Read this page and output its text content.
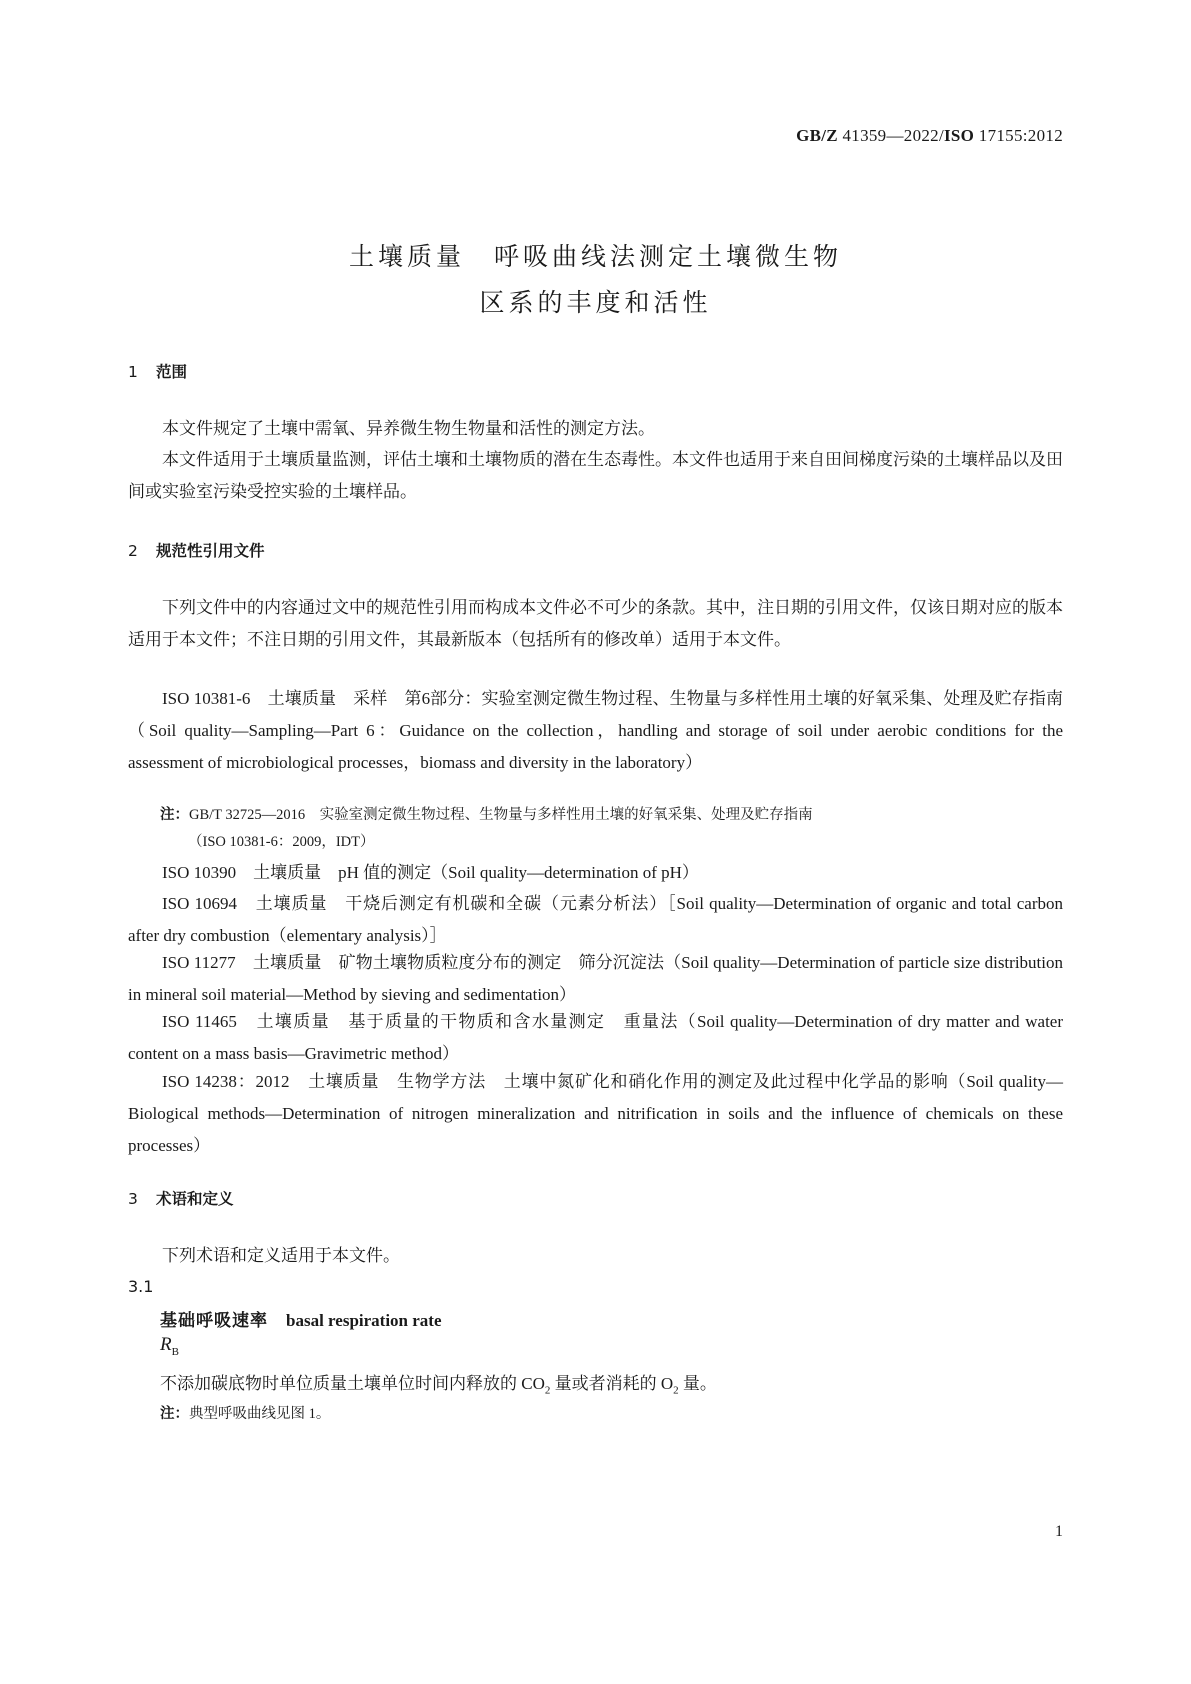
GB/Z 41359—2022/ISO 17155:2012
土壤质量　呼吸曲线法测定土壤微生物
区系的丰度和活性
1 范围
本文件规定了土壤中需氧、异养微生物生物量和活性的测定方法。
本文件适用于土壤质量监测，评估土壤和土壤物质的潜在生态毒性。本文件也适用于来自田间梯度污染的土壤样品以及田间或实验室污染受控实验的土壤样品。
2 规范性引用文件
下列文件中的内容通过文中的规范性引用而构成本文件必不可少的条款。其中，注日期的引用文件，仅该日期对应的版本适用于本文件；不注日期的引用文件，其最新版本（包括所有的修改单）适用于本文件。
ISO 10381-6　土壤质量　采样　第6部分：实验室测定微生物过程、生物量与多样性用土壤的好氧采集、处理及贮存指南（Soil quality—Sampling—Part 6：Guidance on the collection，handling and storage of soil under aerobic conditions for the assessment of microbiological processes，biomass and diversity in the laboratory）
注：GB/T 32725—2016　实验室测定微生物过程、生物量与多样性用土壤的好氧采集、处理及贮存指南
（ISO 10381-6：2009，IDT）
ISO 10390　土壤质量　pH 值的测定（Soil quality—determination of pH）
ISO 10694　土壤质量　干烧后测定有机碳和全碳（元素分析法）［Soil quality—Determination of organic and total carbon after dry combustion（elementary analysis）］
ISO 11277　土壤质量　矿物土壤物质粒度分布的测定　筛分沉淀法（Soil quality—Determination of particle size distribution in mineral soil material—Method by sieving and sedimentation）
ISO 11465　土壤质量　基于质量的干物质和含水量测定　重量法（Soil quality—Determination of dry matter and water content on a mass basis—Gravimetric method）
ISO 14238：2012　土壤质量　生物学方法　土壤中氮矿化和硝化作用的测定及此过程中化学品的影响（Soil quality—Biological methods—Determination of nitrogen mineralization and nitrification in soils and the influence of chemicals on these processes）
3 术语和定义
下列术语和定义适用于本文件。
3.1
基础呼吸速率 basal respiration rate
$R_B$
不添加碳底物时单位质量土壤单位时间内释放的 $CO_2$ 量或者消耗的 $O_2$ 量。
注：典型呼吸曲线见图 1。
1
